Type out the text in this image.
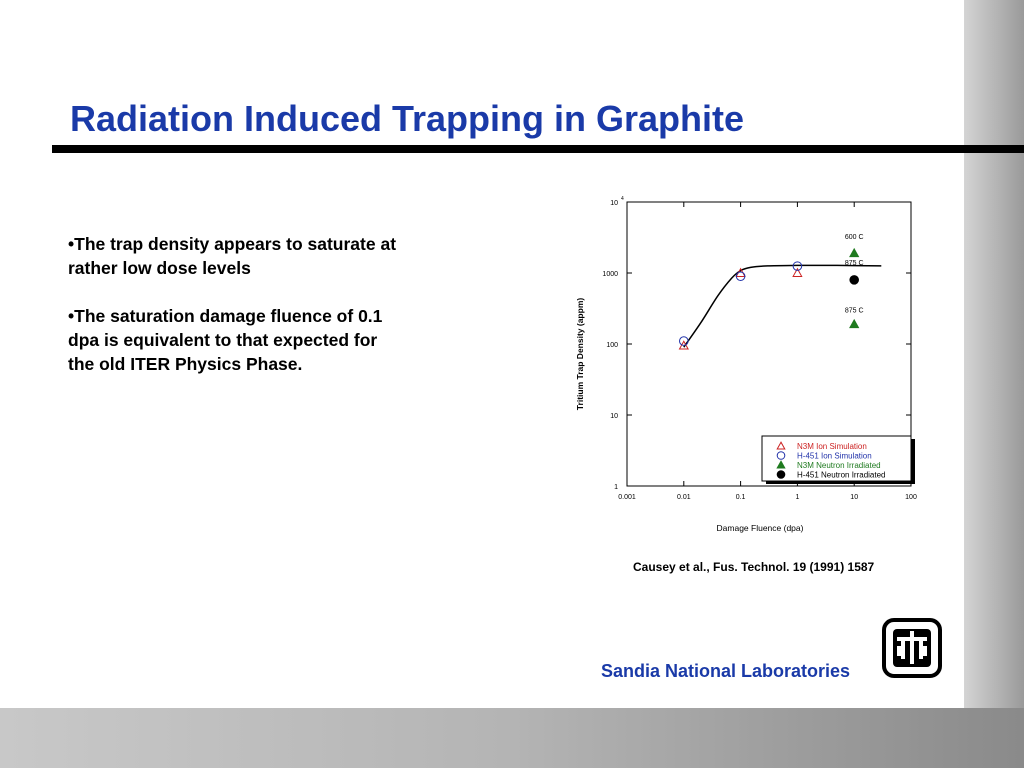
Radiation Induced Trapping in Graphite
•The trap density appears to saturate at rather low dose levels
•The saturation damage fluence of 0.1 dpa is equivalent to that expected for the old ITER Physics Phase.
0.001	0.01	0.1	1	10	100
1
10
100
1000
10
4
600 C
875 C
875 C
Damage Fluence (dpa)
Tritium Trap Density (appm)
N3M Ion Simulation
H-451 Ion Simulation
N3M Neutron Irradiated
H-451 Neutron Irradiated
Causey et al., Fus. Technol. 19 (1991) 1587
Sandia National Laboratories
